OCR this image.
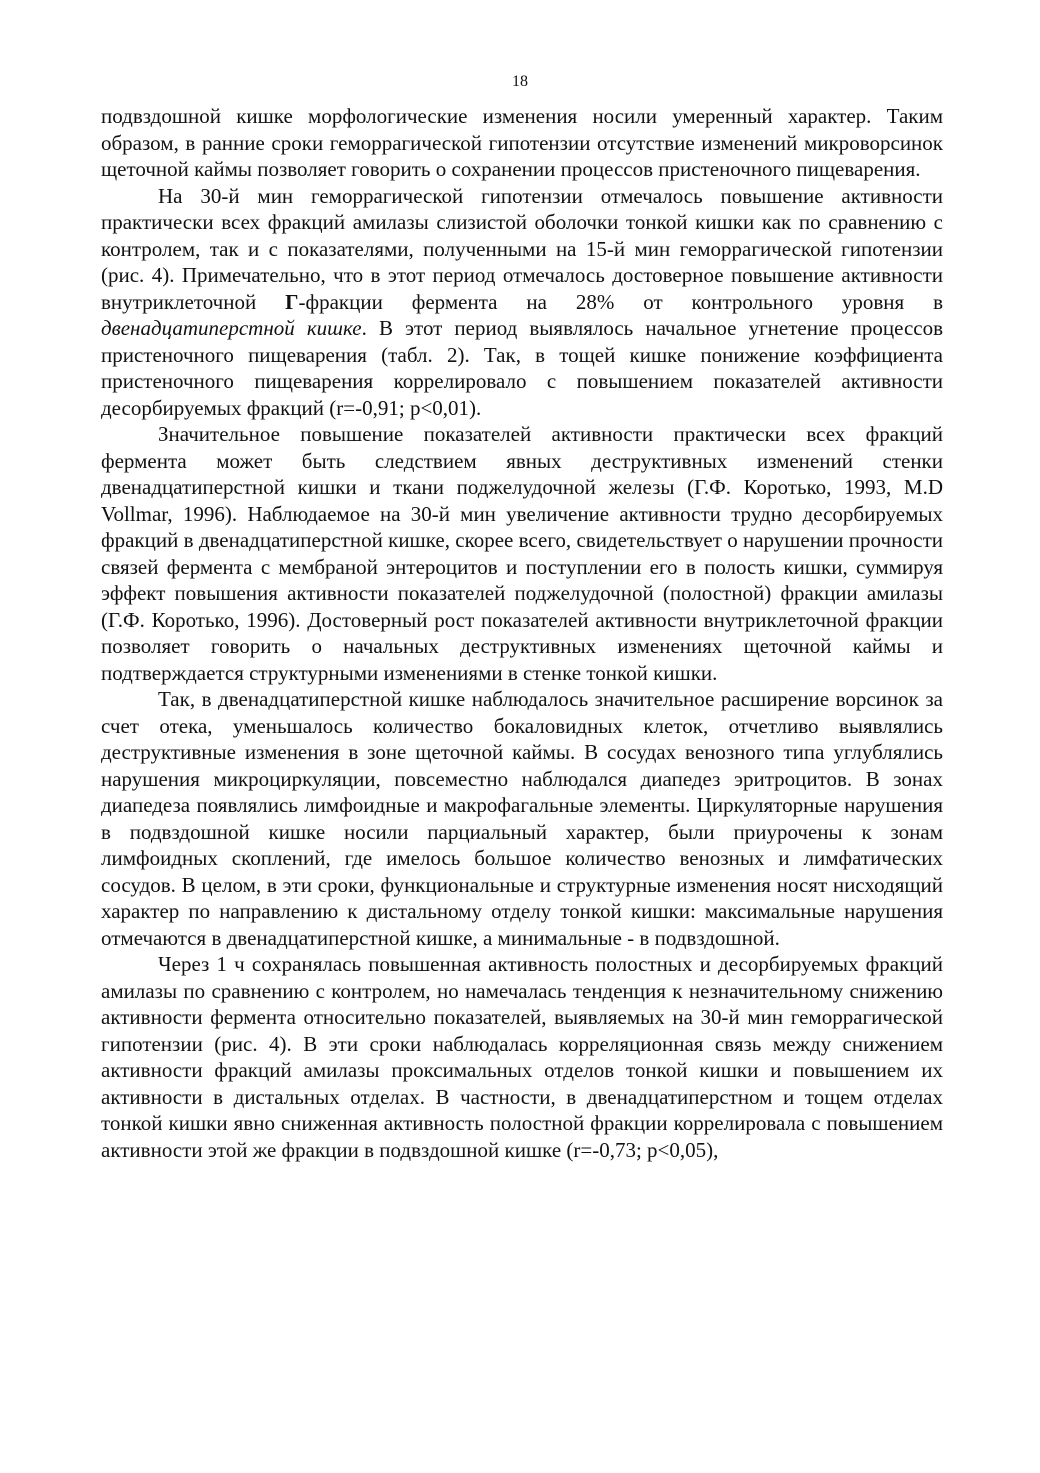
18

подвздошной кишке морфологические изменения носили умеренный характер. Таким образом, в ранние сроки геморрагической гипотензии отсутствие изменений микроворсинок щеточной каймы позволяет говорить о сохранении процессов пристеночного пищеварения.

На 30-й мин геморрагической гипотензии отмечалось повышение активности практически всех фракций амилазы слизистой оболочки тонкой кишки как по сравнению с контролем, так и с показателями, полученными на 15-й мин геморрагической гипотензии (рис. 4). Примечательно, что в этот период отмечалось достоверное повышение активности внутриклеточной Г-фракции фермента на 28% от контрольного уровня в двенадцатиперстной кишке. В этот период выявлялось начальное угнетение процессов пристеночного пищеварения (табл. 2). Так, в тощей кишке понижение коэффициента пристеночного пищеварения коррелировало с повышением показателей активности десорбируемых фракций (r=-0,91; p<0,01).

Значительное повышение показателей активности практически всех фракций фермента может быть следствием явных деструктивных изменений стенки двенадцатиперстной кишки и ткани поджелудочной железы (Г.Ф. Коротько, 1993, M.D Vollmar, 1996). Наблюдаемое на 30-й мин увеличение активности трудно десорбируемых фракций в двенадцатиперстной кишке, скорее всего, свидетельствует о нарушении прочности связей фермента с мембраной энтероцитов и поступлении его в полость кишки, суммируя эффект повышения активности показателей поджелудочной (полостной) фракции амилазы (Г.Ф. Коротько, 1996). Достоверный рост показателей активности внутриклеточной фракции позволяет говорить о начальных деструктивных изменениях щеточной каймы и подтверждается структурными изменениями в стенке тонкой кишки.

Так, в двенадцатиперстной кишке наблюдалось значительное расширение ворсинок за счет отека, уменьшалось количество бокаловидных клеток, отчетливо выявлялись деструктивные изменения в зоне щеточной каймы. В сосудах венозного типа углублялись нарушения микроциркуляции, повсеместно наблюдался диапедез эритроцитов. В зонах диапедеза появлялись лимфоидные и макрофагальные элементы. Циркуляторные нарушения в подвздошной кишке носили парциальный характер, были приурочены к зонам лимфоидных скоплений, где имелось большое количество венозных и лимфатических сосудов. В целом, в эти сроки, функциональные и структурные изменения носят нисходящий характер по направлению к дистальному отделу тонкой кишки: максимальные нарушения отмечаются в двенадцатиперстной кишке, а минимальные - в подвздошной.

Через 1 ч сохранялась повышенная активность полостных и десорбируемых фракций амилазы по сравнению с контролем, но намечалась тенденция к незначительному снижению активности фермента относительно показателей, выявляемых на 30-й мин геморрагической гипотензии (рис. 4). В эти сроки наблюдалась корреляционная связь между снижением активности фракций амилазы проксимальных отделов тонкой кишки и повышением их активности в дистальных отделах. В частности, в двенадцатиперстном и тощем отделах тонкой кишки явно сниженная активность полостной фракции коррелировала с повышением активности этой же фракции в подвздошной кишке (r=-0,73; p<0,05),
